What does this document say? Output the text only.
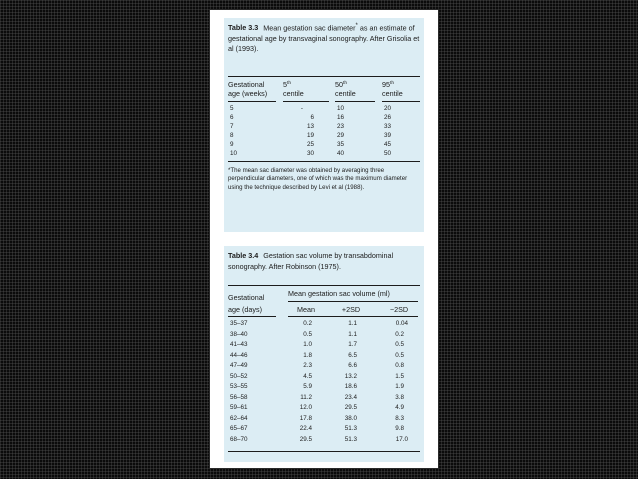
Table 3.3 Mean gestation sac diameter* as an estimate of gestational age by transvaginal sonography. After Grisolia et al (1993).
Gestational
age (weeks)
5th
centile
50th
centile
95th
centile
5	-	10	20
6	6	16	26
7	13	23	33
8	19	29	39
9	25	35	45
10	30	40	50
*The mean sac diameter was obtained by averaging three perpendicular diameters, one of which was the maximum diameter using the technique described by Levi et al (1988).
Table 3.4 Gestation sac volume by transabdominal sonography. After Robinson (1975).
Gestational
age (days)
Mean gestation sac volume (ml)
Mean	+2SD	−2SD
35–37	0.2	1.1	0.04
38–40	0.5	1.1	0.2
41–43	1.0	1.7	0.5
44–46	1.8	6.5	0.5
47–49	2.3	6.6	0.8
50–52	4.5	13.2	1.5
53–55	5.9	18.6	1.9
56–58	11.2	23.4	3.8
59–61	12.0	29.5	4.9
62–64	17.8	38.0	8.3
65–67	22.4	51.3	9.8
68–70	29.5	51.3	17.0
